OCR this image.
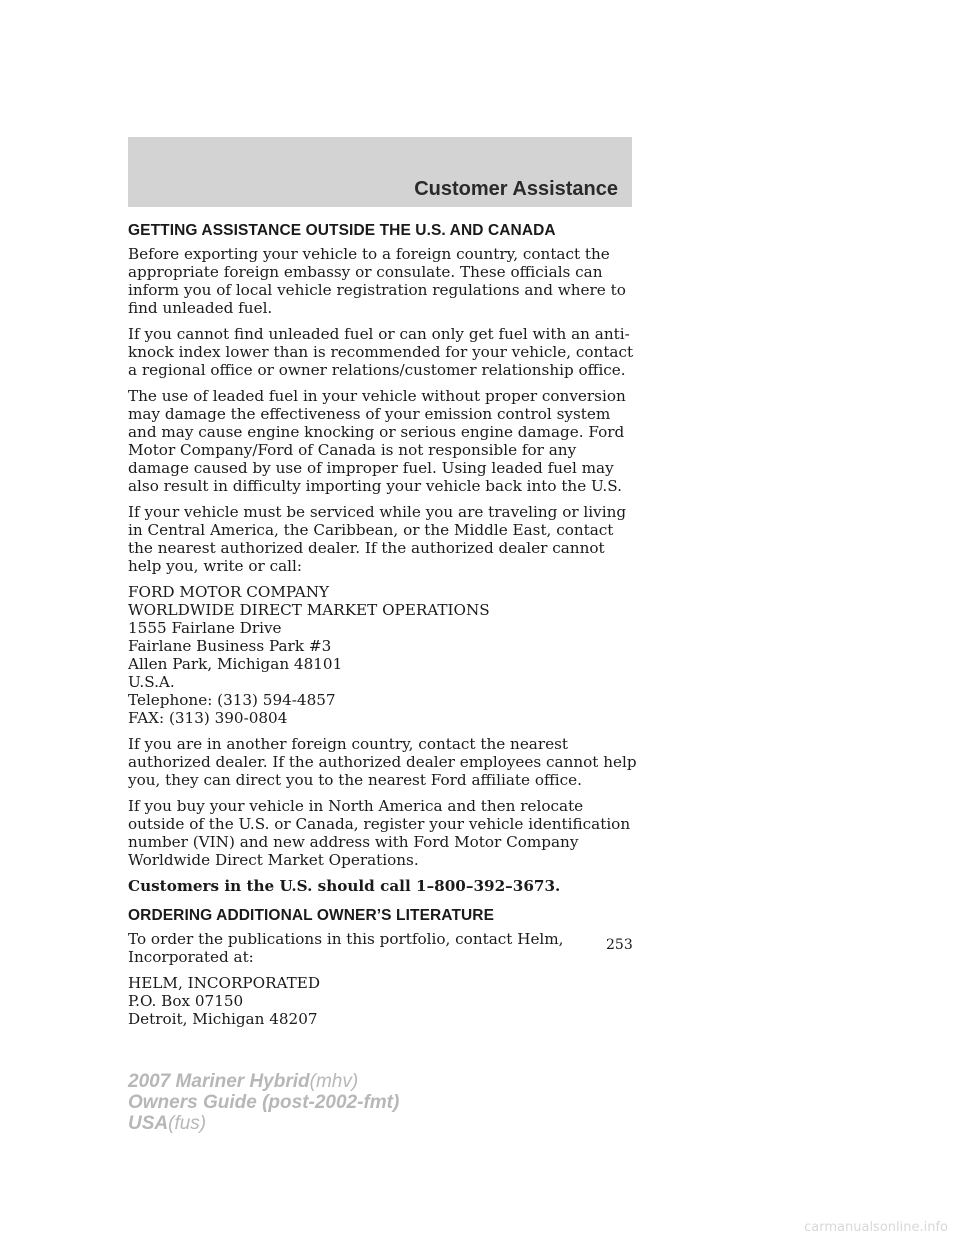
Customer Assistance
GETTING ASSISTANCE OUTSIDE THE U.S. AND CANADA

Before exporting your vehicle to a foreign country, contact the appropriate foreign embassy or consulate. These officials can inform you of local vehicle registration regulations and where to find unleaded fuel.

If you cannot find unleaded fuel or can only get fuel with an anti-knock index lower than is recommended for your vehicle, contact a regional office or owner relations/customer relationship office.

The use of leaded fuel in your vehicle without proper conversion may damage the effectiveness of your emission control system and may cause engine knocking or serious engine damage. Ford Motor Company/Ford of Canada is not responsible for any damage caused by use of improper fuel. Using leaded fuel may also result in difficulty importing your vehicle back into the U.S.

If your vehicle must be serviced while you are traveling or living in Central America, the Caribbean, or the Middle East, contact the nearest authorized dealer. If the authorized dealer cannot help you, write or call:

FORD MOTOR COMPANY
WORLDWIDE DIRECT MARKET OPERATIONS
1555 Fairlane Drive
Fairlane Business Park #3
Allen Park, Michigan 48101
U.S.A.
Telephone: (313) 594-4857
FAX: (313) 390-0804

If you are in another foreign country, contact the nearest authorized dealer. If the authorized dealer employees cannot help you, they can direct you to the nearest Ford affiliate office.

If you buy your vehicle in North America and then relocate outside of the U.S. or Canada, register your vehicle identification number (VIN) and new address with Ford Motor Company Worldwide Direct Market Operations.

Customers in the U.S. should call 1–800–392–3673.

ORDERING ADDITIONAL OWNER’S LITERATURE

To order the publications in this portfolio, contact Helm, Incorporated at:

HELM, INCORPORATED
P.O. Box 07150
Detroit, Michigan 48207
253
2007 Mariner Hybrid(mhv)
Owners Guide (post-2002-fmt)
USA(fus)
carmanualsonline.info
